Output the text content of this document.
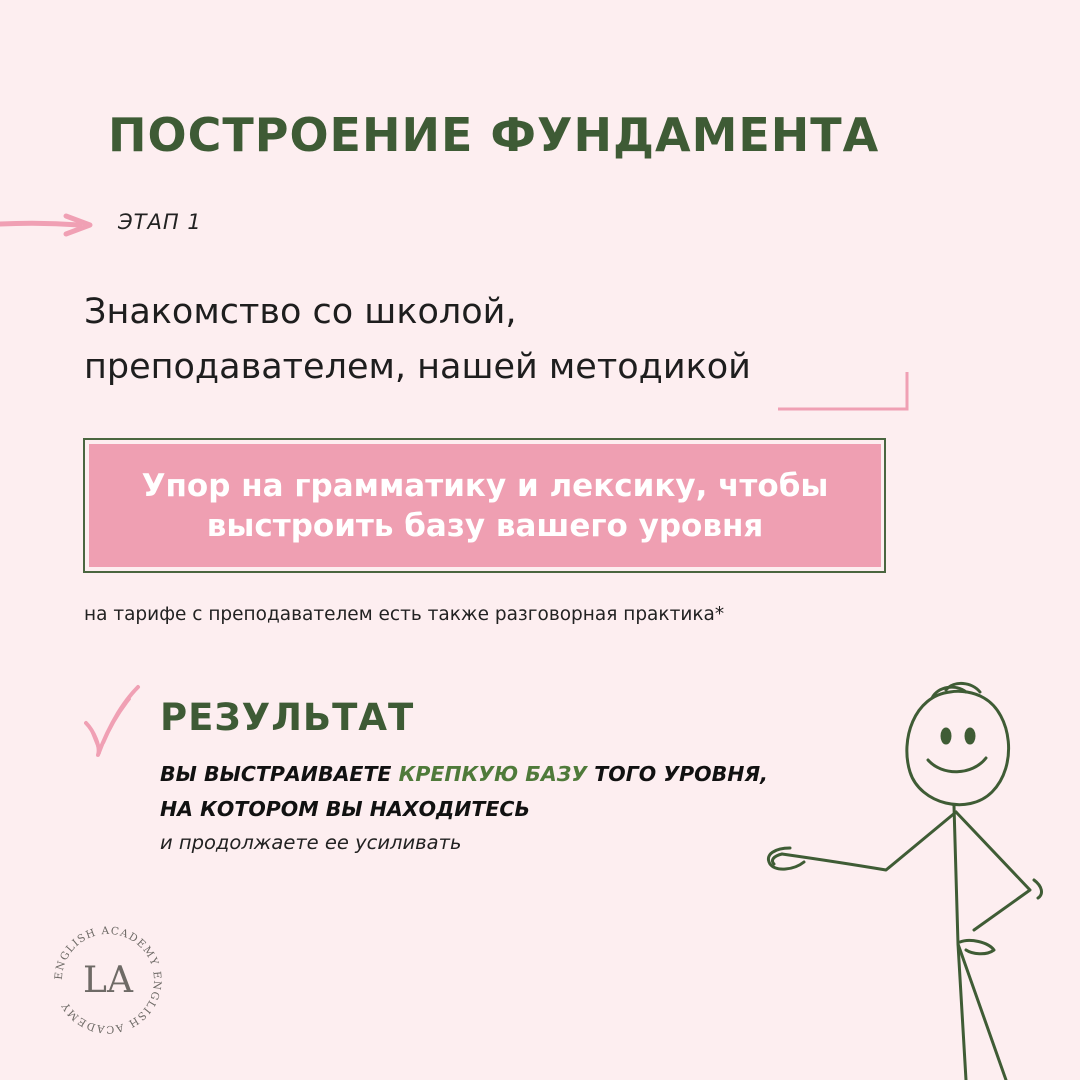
ПОСТРОЕНИЕ ФУНДАМЕНТА
ЭТАП 1
Знакомство со школой,
преподавателем, нашей методикой
Упор на грамматику и лексику, чтобы
выстроить базу вашего уровня
на тарифе с преподавателем есть также разговорная практика*
РЕЗУЛЬТАТ
ВЫ ВЫСТРАИВАЕТЕ КРЕПКУЮ БАЗУ ТОГО УРОВНЯ,
НА КОТОРОМ ВЫ НАХОДИТЕСЬ
и продолжаете ее усиливать
ENGLISH ACADEMY ENGLISH ACADEMY
LA
